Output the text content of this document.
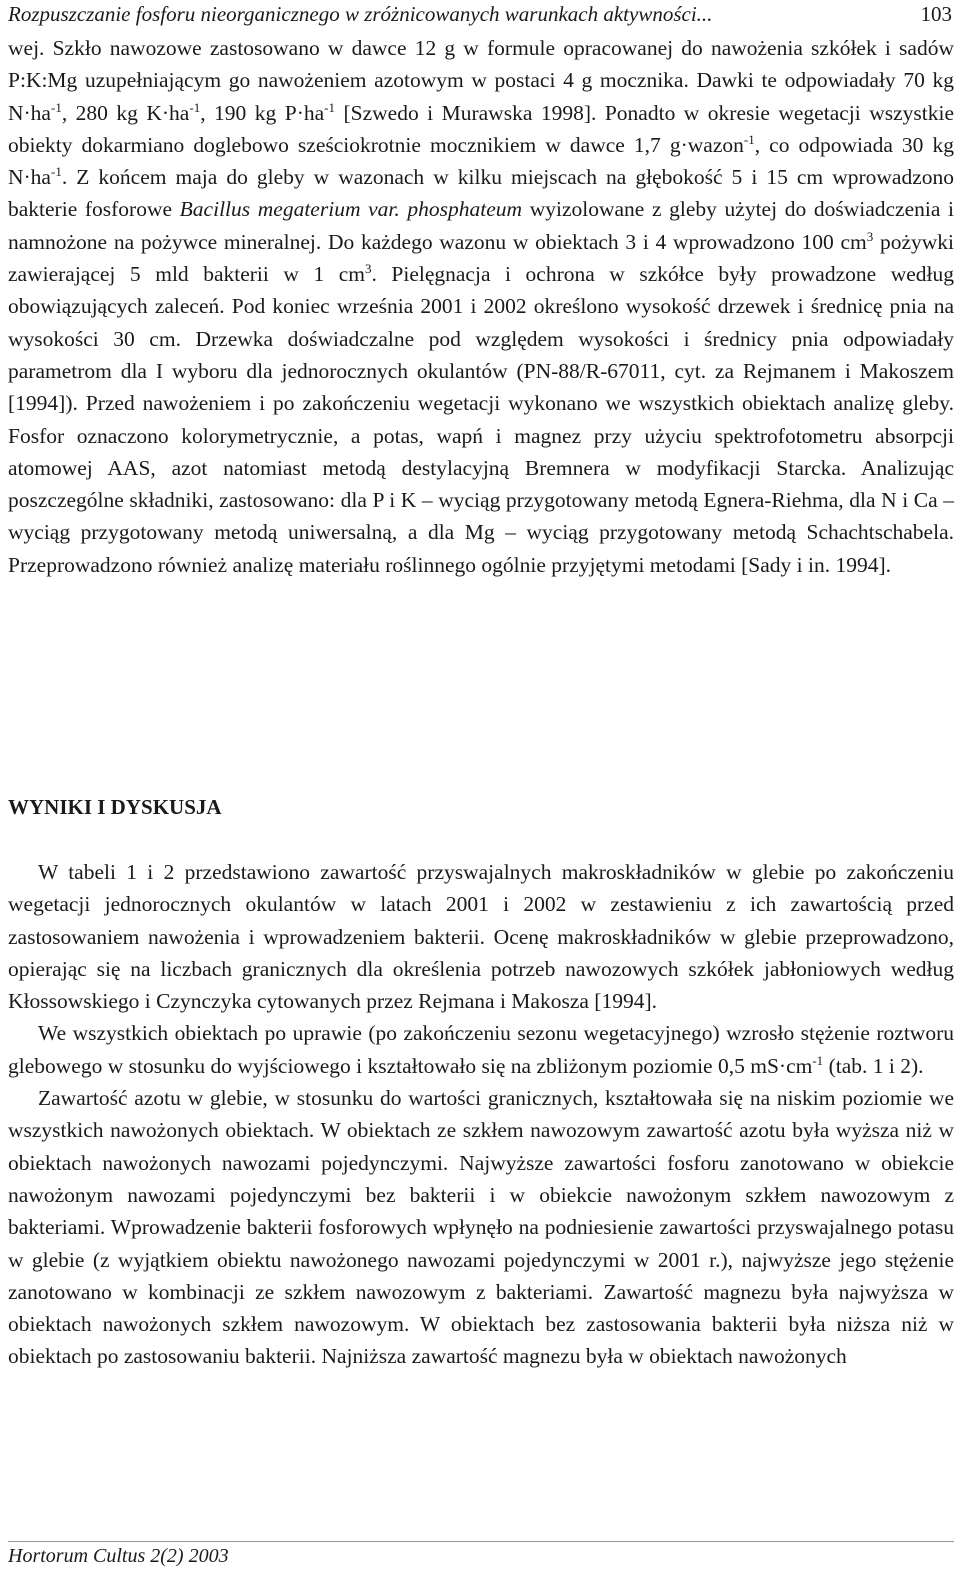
Rozpuszczanie fosforu nieorganicznego w zróżnicowanych warunkach aktywności...	103

wej. Szkło nawozowe zastosowano w dawce 12 g w formule opracowanej do nawożenia szkółek i sadów P:K:Mg uzupełniającym go nawożeniem azotowym w postaci 4 g mocznika. Dawki te odpowiadały 70 kg $N\cdot ha^{-1}$, 280 kg $K\cdot ha^{-1}$, 190 kg $P\cdot ha^{-1}$ [Szwedo i Murawska 1998]. Ponadto w okresie wegetacji wszystkie obiekty dokarmiano doglebowo sześciokrotnie mocznikiem w dawce 1,7 g·wazon$^{-1}$, co odpowiada 30 kg $N\cdot ha^{-1}$. Z końcem maja do gleby w wazonach w kilku miejscach na głębokość 5 i 15 cm wprowadzono bakterie fosforowe Bacillus megaterium var. phosphateum wyizolowane z gleby użytej do doświadczenia i namnożone na pożywce mineralnej. Do każdego wazonu w obiektach 3 i 4 wprowadzono 100 $cm^3$ pożywki zawierającej 5 mld bakterii w 1 $cm^3$. Pielęgnacja i ochrona w szkółce były prowadzone według obowiązujących zaleceń. Pod koniec września 2001 i 2002 określono wysokość drzewek i średnicę pnia na wysokości 30 cm. Drzewka doświadczalne pod względem wysokości i średnicy pnia odpowiadały parametrom dla I wyboru dla jednorocznych okulantów (PN-88/R-67011, cyt. za Rejmanem i Makoszem [1994]). Przed nawożeniem i po zakończeniu wegetacji wykonano we wszystkich obiektach analizę gleby. Fosfor oznaczono kolorymetrycznie, a potas, wapń i magnez przy użyciu spektrofotometru absorpcji atomowej AAS, azot natomiast metodą destylacyjną Bremnera w modyfikacji Starcka. Analizując poszczególne składniki, zastosowano: dla P i K – wyciąg przygotowany metodą Egnera-Riehma, dla N i Ca – wyciąg przygotowany metodą uniwersalną, a dla Mg – wyciąg przygotowany metodą Schachtschabela. Przeprowadzono również analizę materiału roślinnego ogólnie przyjętymi metodami [Sady i in. 1994].

WYNIKI I DYSKUSJA

W tabeli 1 i 2 przedstawiono zawartość przyswajalnych makroskładników w glebie po zakończeniu wegetacji jednorocznych okulantów w latach 2001 i 2002 w zestawieniu z ich zawartością przed zastosowaniem nawożenia i wprowadzeniem bakterii. Ocenę makroskładników w glebie przeprowadzono, opierając się na liczbach granicznych dla określenia potrzeb nawozowych szkółek jabłoniowych według Kłossowskiego i Czynczyka cytowanych przez Rejmana i Makosza [1994].

We wszystkich obiektach po uprawie (po zakończeniu sezonu wegetacyjnego) wzrosło stężenie roztworu glebowego w stosunku do wyjściowego i kształtowało się na zbliżonym poziomie 0,5 $mS\cdot cm^{-1}$ (tab. 1 i 2).

Zawartość azotu w glebie, w stosunku do wartości granicznych, kształtowała się na niskim poziomie we wszystkich nawożonych obiektach. W obiektach ze szkłem nawozowym zawartość azotu była wyższa niż w obiektach nawożonych nawozami pojedynczymi. Najwyższe zawartości fosforu zanotowano w obiekcie nawożonym nawozami pojedynczymi bez bakterii i w obiekcie nawożonym szkłem nawozowym z bakteriami. Wprowadzenie bakterii fosforowych wpłynęło na podniesienie zawartości przyswajalnego potasu w glebie (z wyjątkiem obiektu nawożonego nawozami pojedynczymi w 2001 r.), najwyższe jego stężenie zanotowano w kombinacji ze szkłem nawozowym z bakteriami. Zawartość magnezu była najwyższa w obiektach nawożonych szkłem nawozowym. W obiektach bez zastosowania bakterii była niższa niż w obiektach po zastosowaniu bakterii. Najniższa zawartość magnezu była w obiektach nawożonych

Hortorum Cultus 2(2) 2003
